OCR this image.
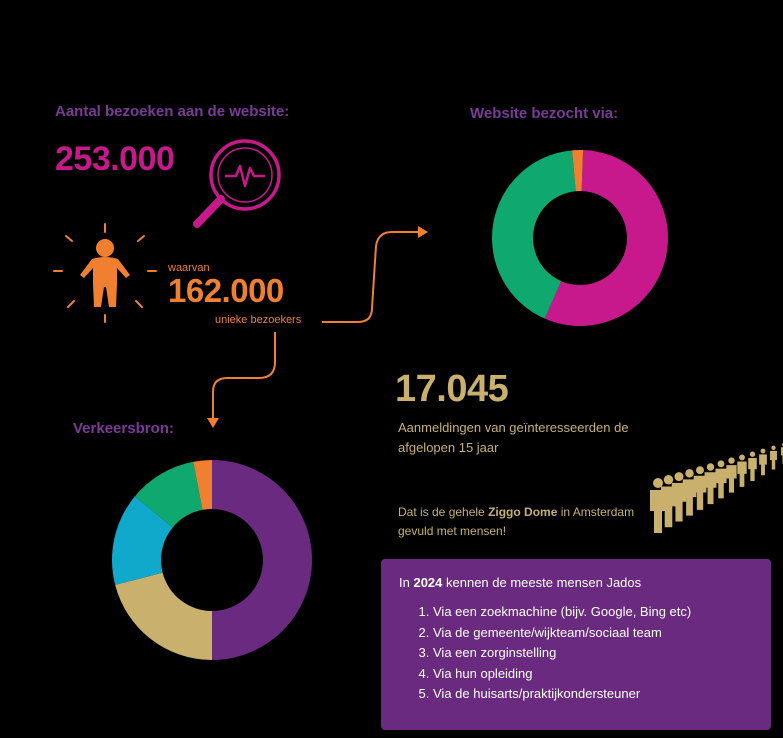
Aantal bezoeken aan de website:
253.000
waarvan
162.000
unieke bezoekers
Website bezocht via:
Verkeersbron:
17.045
Aanmeldingen van geïnteresseerden de afgelopen 15 jaar
Dat is de gehele Ziggo Dome in Amsterdam gevuld met mensen!
In 2024 kennen de meeste mensen Jados
1. Via een zoekmachine (bijv. Google, Bing etc)
2. Via de gemeente/wijkteam/sociaal team
3. Via een zorginstelling
4. Via hun opleiding
5. Via de huisarts/praktijkondersteuner
